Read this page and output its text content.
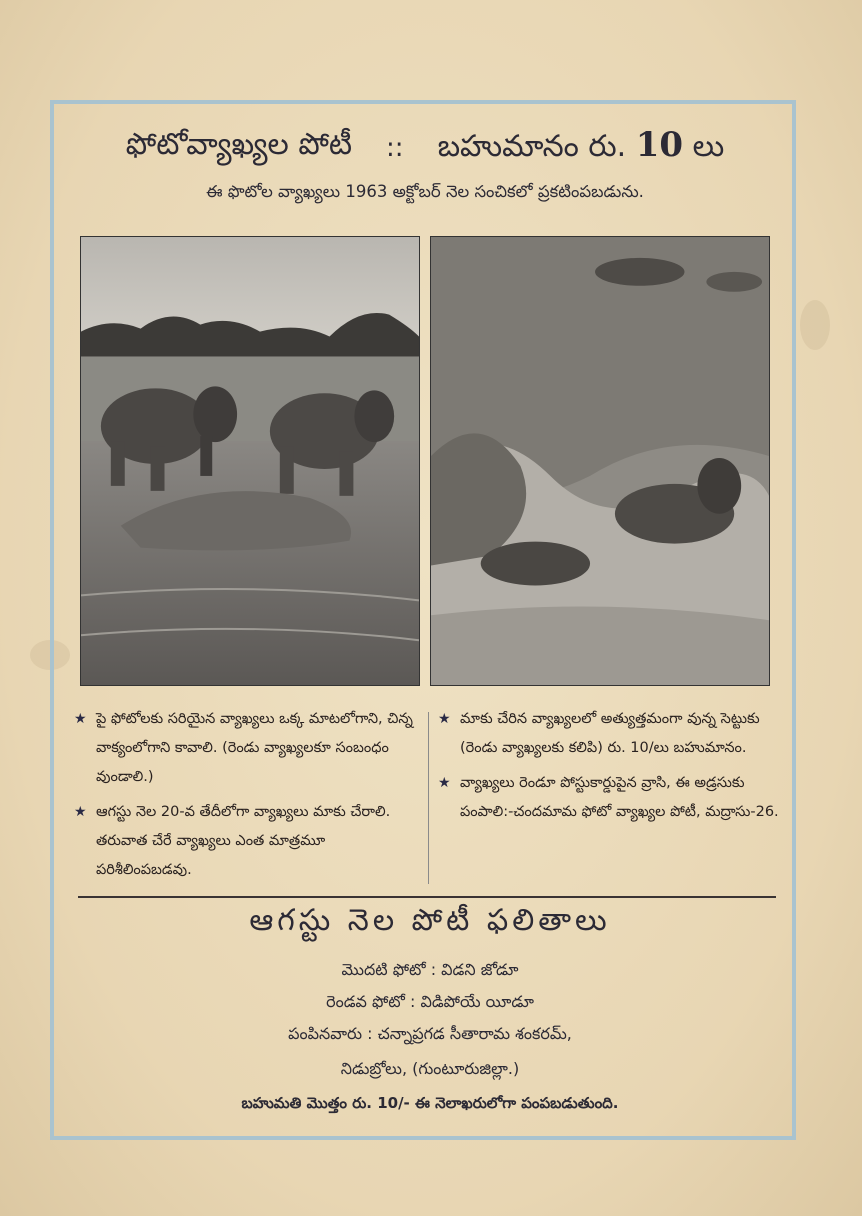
ఫోటోవ్యాఖ్యల పోటీ :: బహుమానం రు. 10 లు
ఈ ఫొటోల వ్యాఖ్యలు 1963 అక్టోబర్ నెల సంచికలో ప్రకటింపబడును.
★ పై ఫోటోలకు సరియైన వ్యాఖ్యలు ఒక్క మాటలోగాని, చిన్న వాక్యంలోగాని కావాలి. (రెండు వ్యాఖ్యలకూ సంబంధం వుండాలి.)
★ ఆగస్టు నెల 20-వ తేదీలోగా వ్యాఖ్యలు మాకు చేరాలి. తరువాత చేరే వ్యాఖ్యలు ఎంత మాత్రమూ పరిశీలింపబడవు.
★ మాకు చేరిన వ్యాఖ్యలలో అత్యుత్తమంగా వున్న సెట్టుకు (రెండు వ్యాఖ్యలకు కలిపి) రు. 10/లు బహుమానం.
★ వ్యాఖ్యలు రెండూ పోస్టుకార్డుపైన వ్రాసి, ఈ అడ్రసుకు పంపాలి:-చందమామ ఫోటో వ్యాఖ్యల పోటీ, మద్రాసు-26.
ఆగస్టు నెల పోటీ ఫలితాలు
మొదటి ఫోటో : విడని జోడూ
రెండవ ఫోటో : విడిపోయే యీడూ
పంపినవారు : చన్నాప్రగడ సీతారామ శంకరమ్,
నిడుబ్రోలు, (గుంటూరుజిల్లా.)
బహుమతి మొత్తం రు. 10/- ఈ నెలాఖరులోగా పంపబడుతుంది.
